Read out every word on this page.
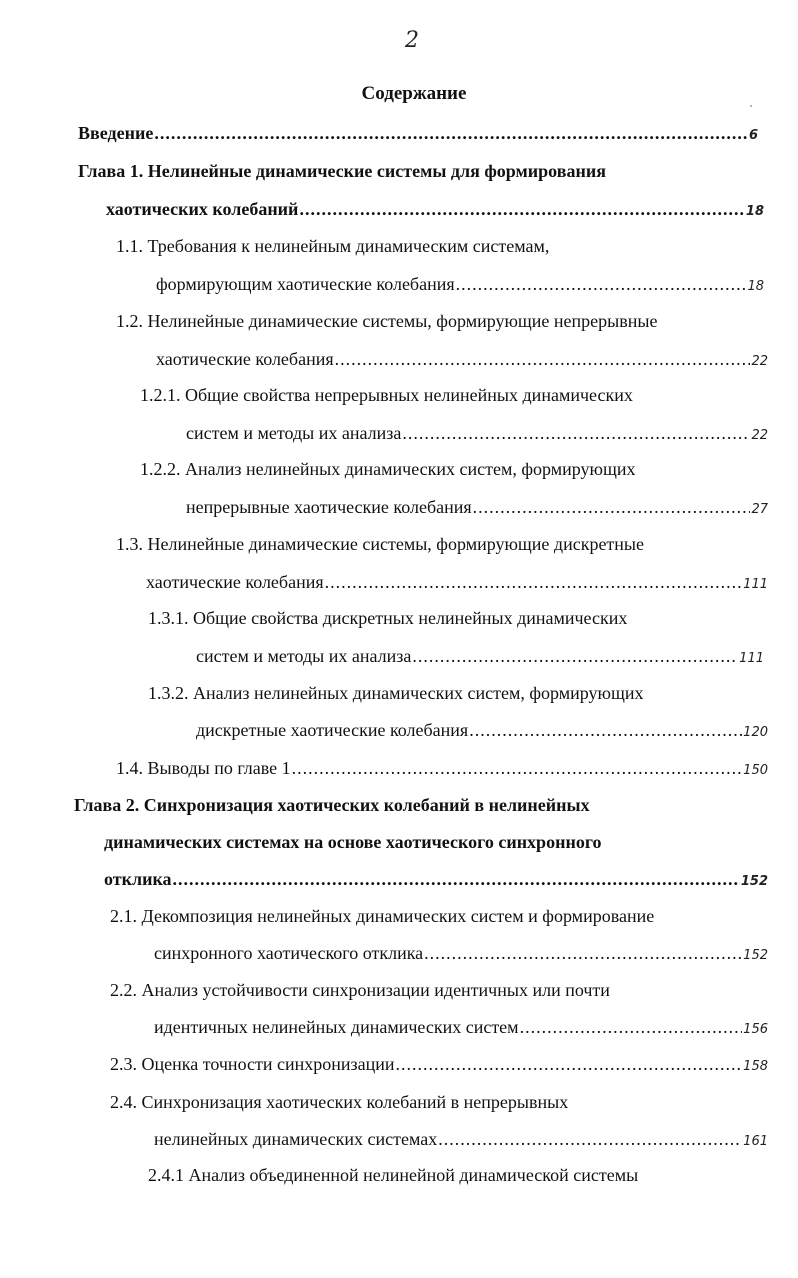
2
Содержание
Введение .....	6
Глава 1. Нелинейные динамические системы для формирования
хаотических колебаний .....	18
1.1. Требования к нелинейным динамическим системам,
формирующим хаотические колебания .....	18
1.2. Нелинейные динамические системы, формирующие непрерывные
хаотические колебания .....	22
1.2.1. Общие свойства непрерывных нелинейных динамических
систем и методы их анализа .....	22
1.2.2. Анализ нелинейных динамических систем, формирующих
непрерывные хаотические колебания .....	27
1.3. Нелинейные динамические системы, формирующие дискретные
хаотические колебания .....	111
1.3.1. Общие свойства дискретных нелинейных динамических
систем и методы их анализа .....	111
1.3.2. Анализ нелинейных динамических систем, формирующих
дискретные хаотические колебания .....	120
1.4. Выводы по главе 1 .....	150
Глава 2. Синхронизация хаотических колебаний в нелинейных
динамических системах на основе хаотического синхронного
отклика .....	152
2.1. Декомпозиция нелинейных динамических систем и формирование
синхронного хаотического отклика .....	152
2.2. Анализ устойчивости синхронизации идентичных или почти
идентичных нелинейных динамических систем .....	156
2.3. Оценка точности синхронизации .....	158
2.4. Синхронизация хаотических колебаний в непрерывных
нелинейных динамических системах .....	161
2.4.1 Анализ объединенной нелинейной динамической системы
